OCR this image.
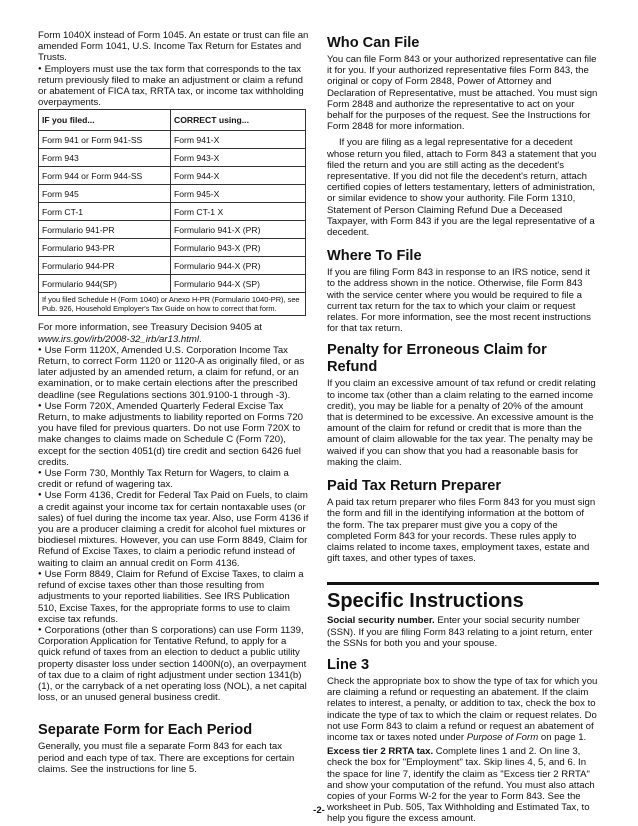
Form 1040X instead of Form 1045. An estate or trust can file an amended Form 1041, U.S. Income Tax Return for Estates and Trusts.

● Employers must use the tax form that corresponds to the tax return previously filed to make an adjustment or claim a refund or abatement of FICA tax, RRTA tax, or income tax withholding overpayments.

IF you filed...	CORRECT using...
Form 941 or Form 941-SS	Form 941-X
Form 943	Form 943-X
Form 944 or Form 944-SS	Form 944-X
Form 945	Form 945-X
Form CT-1	Form CT-1 X
Formulario 941-PR	Formulario 941-X (PR)
Formulario 943-PR	Formulario 943-X (PR)
Formulario 944-PR	Formulario 944-X (PR)
Formulario 944(SP)	Formulario 944-X (SP)
If you filed Schedule H (Form 1040) or Anexo H-PR (Formulario 1040-PR), see Pub. 926, Household Employer's Tax Guide on how to correct that form.	

For more information, see Treasury Decision 9405 at www.irs.gov/irb/2008-32_irb/ar13.html.

● Use Form 1120X, Amended U.S. Corporation Income Tax Return, to correct Form 1120 or 1120-A as originally filed, or as later adjusted by an amended return, a claim for refund, or an examination, or to make certain elections after the prescribed deadline (see Regulations sections 301.9100-1 through -3).

● Use Form 720X, Amended Quarterly Federal Excise Tax Return, to make adjustments to liability reported on Forms 720 you have filed for previous quarters. Do not use Form 720X to make changes to claims made on Schedule C (Form 720), except for the section 4051(d) tire credit and section 6426 fuel credits.

● Use Form 730, Monthly Tax Return for Wagers, to claim a credit or refund of wagering tax.

● Use Form 4136, Credit for Federal Tax Paid on Fuels, to claim a credit against your income tax for certain nontaxable uses (or sales) of fuel during the income tax year. Also, use Form 4136 if you are a producer claiming a credit for alcohol fuel mixtures or biodiesel mixtures. However, you can use Form 8849, Claim for Refund of Excise Taxes, to claim a periodic refund instead of waiting to claim an annual credit on Form 4136.

● Use Form 8849, Claim for Refund of Excise Taxes, to claim a refund of excise taxes other than those resulting from adjustments to your reported liabilities. See IRS Publication 510, Excise Taxes, for the appropriate forms to use to claim excise tax refunds.

● Corporations (other than S corporations) can use Form 1139, Corporation Application for Tentative Refund, to apply for a quick refund of taxes from an election to deduct a public utility property disaster loss under section 1400N(o), an overpayment of tax due to a claim of right adjustment under section 1341(b)(1), or the carryback of a net operating loss (NOL), a net capital loss, or an unused general business credit.

Separate Form for Each Period

Generally, you must file a separate Form 843 for each tax period and each type of tax. There are exceptions for certain claims. See the instructions for line 5.

Who Can File

You can file Form 843 or your authorized representative can file it for you. If your authorized representative files Form 843, the original or copy of Form 2848, Power of Attorney and Declaration of Representative, must be attached. You must sign Form 2848 and authorize the representative to act on your behalf for the purposes of the request. See the Instructions for Form 2848 for more information.

If you are filing as a legal representative for a decedent whose return you filed, attach to Form 843 a statement that you filed the return and you are still acting as the decedent's representative. If you did not file the decedent's return, attach certified copies of letters testamentary, letters of administration, or similar evidence to show your authority. File Form 1310, Statement of Person Claiming Refund Due a Deceased Taxpayer, with Form 843 if you are the legal representative of a decedent.

Where To File

If you are filing Form 843 in response to an IRS notice, send it to the address shown in the notice. Otherwise, file Form 843 with the service center where you would be required to file a current tax return for the tax to which your claim or request relates. For more information, see the most recent instructions for that tax return.

Penalty for Erroneous Claim for Refund

If you claim an excessive amount of tax refund or credit relating to income tax (other than a claim relating to the earned income credit), you may be liable for a penalty of 20% of the amount that is determined to be excessive. An excessive amount is the amount of the claim for refund or credit that is more than the amount of claim allowable for the tax year. The penalty may be waived if you can show that you had a reasonable basis for making the claim.

Paid Tax Return Preparer

A paid tax return preparer who files Form 843 for you must sign the form and fill in the identifying information at the bottom of the form. The tax preparer must give you a copy of the completed Form 843 for your records. These rules apply to claims related to income taxes, employment taxes, estate and gift taxes, and other types of taxes.

Specific Instructions

Social security number. Enter your social security number (SSN). If you are filing Form 843 relating to a joint return, enter the SSNs for both you and your spouse.

Line 3

Check the appropriate box to show the type of tax for which you are claiming a refund or requesting an abatement. If the claim relates to interest, a penalty, or addition to tax, check the box to indicate the type of tax to which the claim or request relates. Do not use Form 843 to claim a refund or request an abatement of income tax or taxes noted under Purpose of Form on page 1.

Excess tier 2 RRTA tax. Complete lines 1 and 2. On line 3, check the box for "Employment" tax. Skip lines 4, 5, and 6. In the space for line 7, identify the claim as "Excess tier 2 RRTA" and show your computation of the refund. You must also attach copies of your Forms W-2 for the year to Form 843. See the worksheet in Pub. 505, Tax Withholding and Estimated Tax, to help you figure the excess amount.

-2-
